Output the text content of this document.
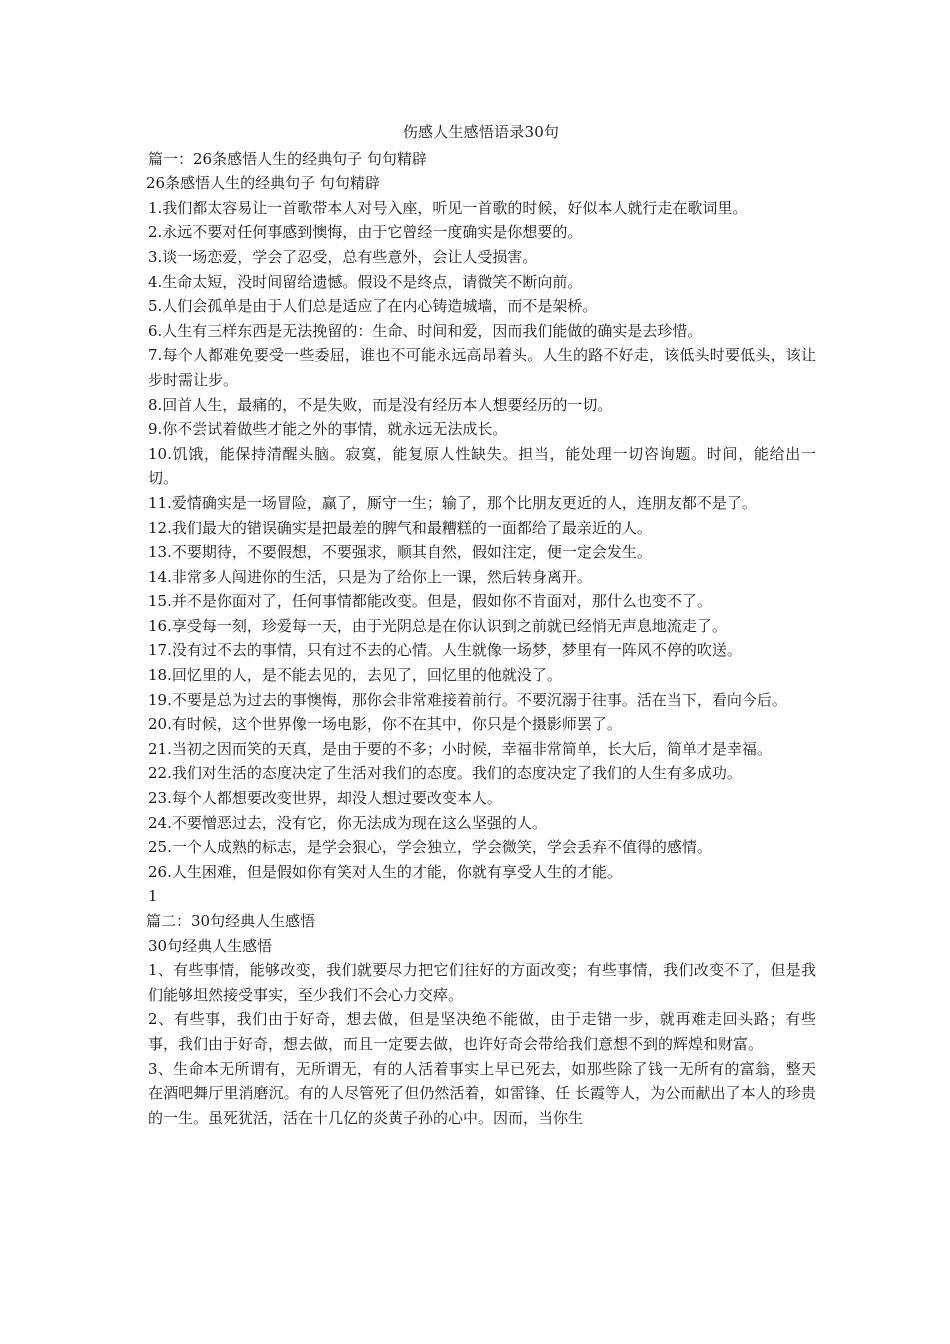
伤感人生感悟语录30句
篇一：26条感悟人生的经典句子 句句精辟
26条感悟人生的经典句子 句句精辟
1.我们都太容易让一首歌带本人对号入座，听见一首歌的时候，好似本人就行走在歌词里。
2.永远不要对任何事感到懊悔，由于它曾经一度确实是你想要的。
3.谈一场恋爱，学会了忍受，总有些意外，会让人受损害。
4.生命太短，没时间留给遗憾。假设不是终点，请微笑不断向前。
5.人们会孤单是由于人们总是适应了在内心铸造城墙，而不是架桥。
6.人生有三样东西是无法挽留的：生命、时间和爱，因而我们能做的确实是去珍惜。
7.每个人都难免要受一些委屈，谁也不可能永远高昂着头。人生的路不好走，该低头时要低头，该让步时需让步。
8.回首人生，最痛的，不是失败，而是没有经历本人想要经历的一切。
9.你不尝试着做些才能之外的事情，就永远无法成长。
10.饥饿，能保持清醒头脑。寂寞，能复原人性缺失。担当，能处理一切咨询题。时间，能给出一切。
11.爱情确实是一场冒险，赢了，厮守一生；输了，那个比朋友更近的人，连朋友都不是了。
12.我们最大的错误确实是把最差的脾气和最糟糕的一面都给了最亲近的人。
13.不要期待，不要假想，不要强求，顺其自然，假如注定，便一定会发生。
14.非常多人闯进你的生活，只是为了给你上一课，然后转身离开。
15.并不是你面对了，任何事情都能改变。但是，假如你不肯面对，那什么也变不了。
16.享受每一刻，珍爱每一天，由于光阴总是在你认识到之前就已经悄无声息地流走了。
17.没有过不去的事情，只有过不去的心情。人生就像一场梦，梦里有一阵风不停的吹送。
18.回忆里的人，是不能去见的，去见了，回忆里的他就没了。
19.不要是总为过去的事懊悔，那你会非常难接着前行。不要沉溺于往事。活在当下，看向今后。
20.有时候，这个世界像一场电影，你不在其中，你只是个摄影师罢了。
21.当初之因而笑的天真，是由于要的不多；小时候，幸福非常简单，长大后，简单才是幸福。
22.我们对生活的态度决定了生活对我们的态度。我们的态度决定了我们的人生有多成功。
23.每个人都想要改变世界，却没人想过要改变本人。
24.不要憎恶过去，没有它，你无法成为现在这么坚强的人。
25.一个人成熟的标志，是学会狠心，学会独立，学会微笑，学会丢弃不值得的感情。
26.人生困难，但是假如你有笑对人生的才能，你就有享受人生的才能。
1
篇二：30句经典人生感悟
30句经典人生感悟
1、有些事情，能够改变，我们就要尽力把它们往好的方面改变；有些事情，我们改变不了，但是我们能够坦然接受事实，至少我们不会心力交瘁。
2、有些事，我们由于好奇，想去做，但是坚决绝不能做，由于走错一步，就再难走回头路；有些事，我们由于好奇，想去做，而且一定要去做，也许好奇会带给我们意想不到的辉煌和财富。
3、生命本无所谓有，无所谓无，有的人活着事实上早已死去，如那些除了钱一无所有的富翁，整天在酒吧舞厅里消磨沉。有的人尽管死了但仍然活着，如雷锋、任 长霞等人，为公而献出了本人的珍贵的一生。虽死犹活，活在十几亿的炎黄子孙的心中。因而，当你生
